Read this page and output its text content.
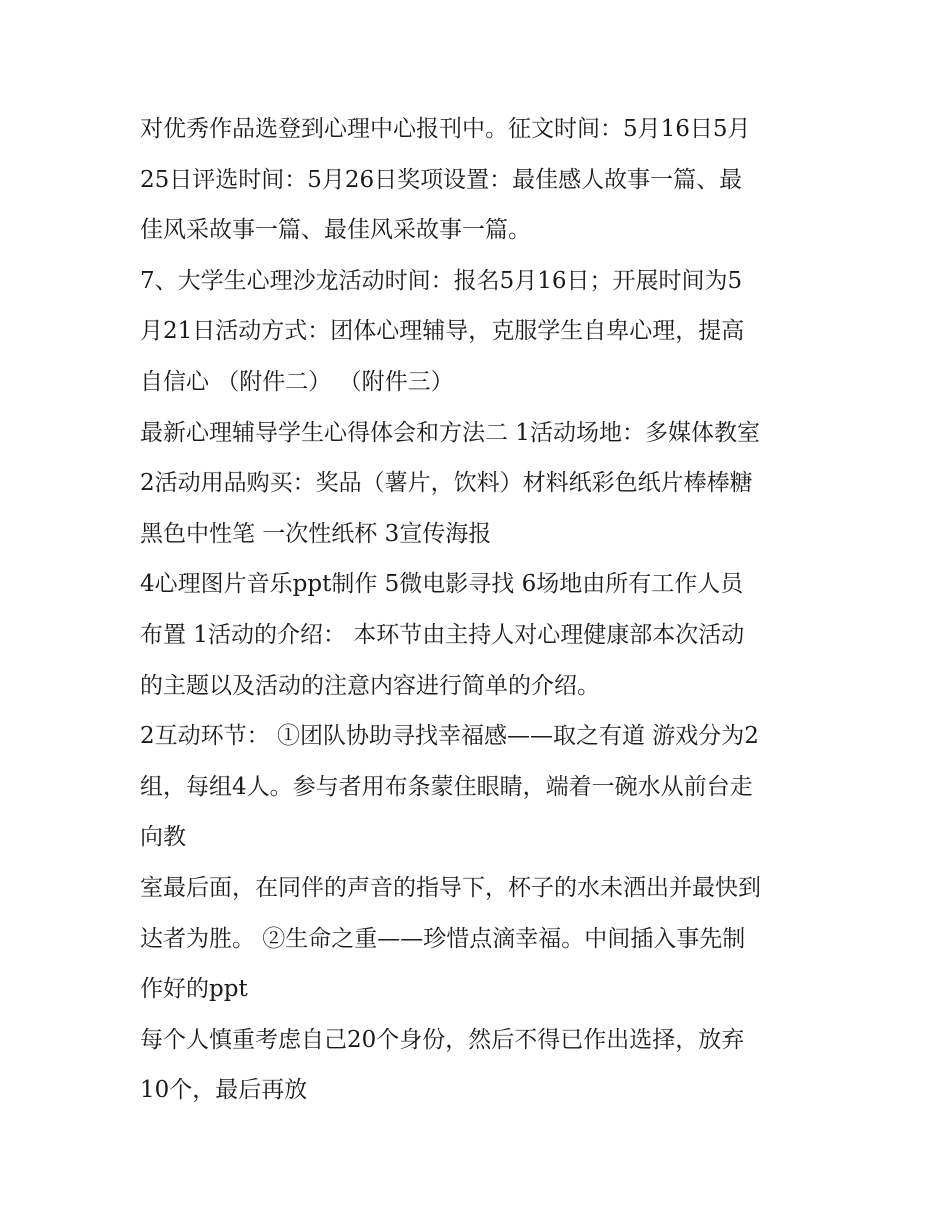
对优秀作品选登到心理中心报刊中。征文时间：5月16日5月
25日评选时间：5月26日奖项设置：最佳感人故事一篇、最
佳风采故事一篇、最佳风采故事一篇。
7、大学生心理沙龙活动时间：报名5月16日；开展时间为5
月21日活动方式：团体心理辅导，克服学生自卑心理，提高
自信心 （附件二） （附件三）
最新心理辅导学生心得体会和方法二 1活动场地：多媒体教室
2活动用品购买：奖品（薯片，饮料）材料纸彩色纸片棒棒糖
黑色中性笔 一次性纸杯 3宣传海报
4心理图片音乐ppt制作 5微电影寻找 6场地由所有工作人员
布置 1活动的介绍： 本环节由主持人对心理健康部本次活动
的主题以及活动的注意内容进行简单的介绍。
2互动环节： ①团队协助寻找幸福感——取之有道 游戏分为2
组，每组4人。参与者用布条蒙住眼睛，端着一碗水从前台走
向教
室最后面，在同伴的声音的指导下，杯子的水未洒出并最快到
达者为胜。 ②生命之重——珍惜点滴幸福。中间插入事先制
作好的ppt
每个人慎重考虑自己20个身份，然后不得已作出选择，放弃
10个，最后再放
